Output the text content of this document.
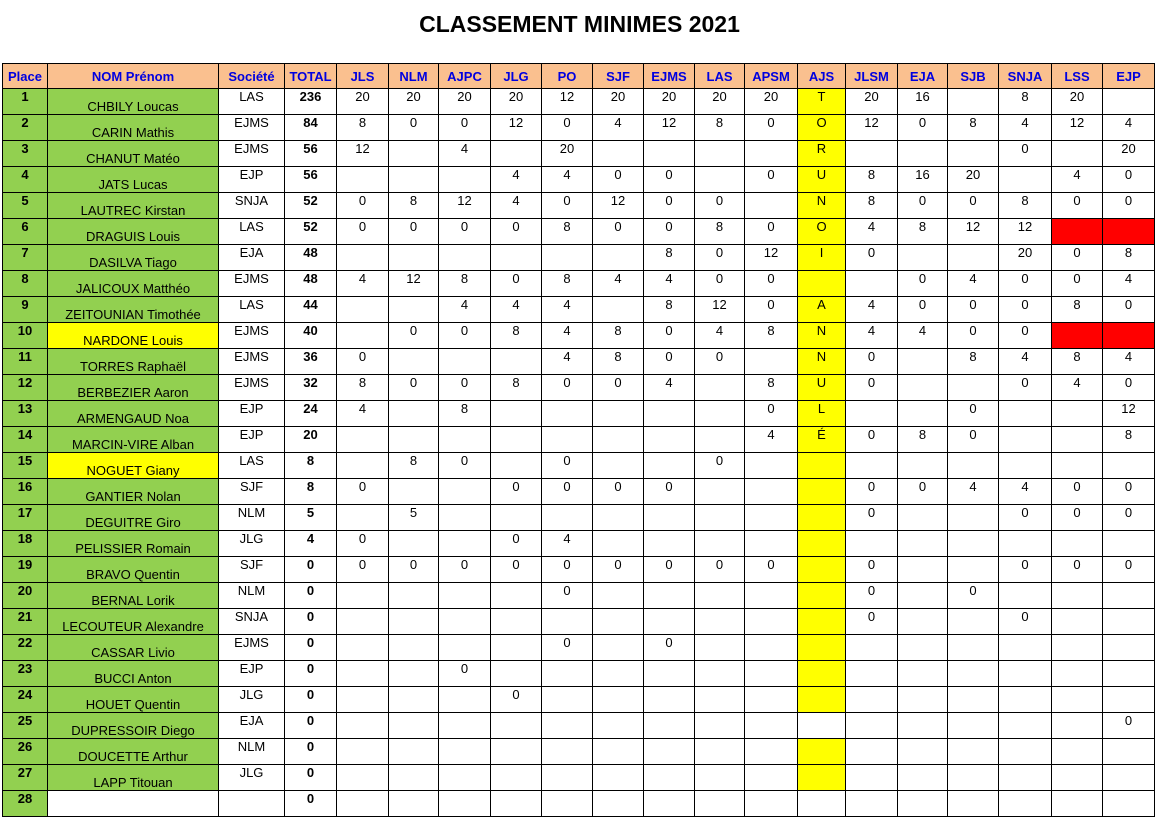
CLASSEMENT MINIMES 2021
Place	NOM Prénom	Société	TOTAL	JLS	NLM	AJPC	JLG	PO	SJF	EJMS	LAS	APSM	AJS	JLSM	EJA	SJB	SNJA	LSS	EJP
1	CHBILY Loucas	LAS	236	20	20	20	20	12	20	20	20	20	T	20	16		8	20	
2	CARIN Mathis	EJMS	84	8	0	0	12	0	4	12	8	0	O	12	0	8	4	12	4
3	CHANUT Matéo	EJMS	56	12		4		20					R				0		20
4	JATS Lucas	EJP	56				4	4	0	0		0	U	8	16	20		4	0
5	LAUTREC Kirstan	SNJA	52	0	8	12	4	0	12	0	0		N	8	0	0	8	0	0
6	DRAGUIS Louis	LAS	52	0	0	0	0	8	0	0	8	0	O	4	8	12	12		
7	DASILVA Tiago	EJA	48							8	0	12	I	0			20	0	8
8	JALICOUX Matthéo	EJMS	48	4	12	8	0	8	4	4	0	0			0	4	0	0	4
9	ZEITOUNIAN Timothée	LAS	44			4	4	4		8	12	0	A	4	0	0	0	8	0
10	NARDONE Louis	EJMS	40		0	0	8	4	8	0	4	8	N	4	4	0	0		
11	TORRES Raphaël	EJMS	36	0				4	8	0	0		N	0		8	4	8	4
12	BERBEZIER Aaron	EJMS	32	8	0	0	8	0	0	4		8	U	0			0	4	0
13	ARMENGAUD Noa	EJP	24	4		8						0	L			0			12
14	MARCIN-VIRE Alban	EJP	20									4	É	0	8	0			8
15	NOGUET Giany	LAS	8		8	0		0			0								
16	GANTIER Nolan	SJF	8	0			0	0	0	0				0	0	4	4	0	0
17	DEGUITRE Giro	NLM	5		5									0			0	0	0
18	PELISSIER Romain	JLG	4	0			0	4											
19	BRAVO Quentin	SJF	0	0	0	0	0	0	0	0	0	0		0			0	0	0
20	BERNAL Lorik	NLM	0					0						0		0			
21	LECOUTEUR Alexandre	SNJA	0											0			0		
22	CASSAR Livio	EJMS	0					0		0									
23	BUCCI Anton	EJP	0			0													
24	HOUET Quentin	JLG	0				0												
25	DUPRESSOIR Diego	EJA	0																0
26	DOUCETTE Arthur	NLM	0																
27	LAPP Titouan	JLG	0																
28			0																
